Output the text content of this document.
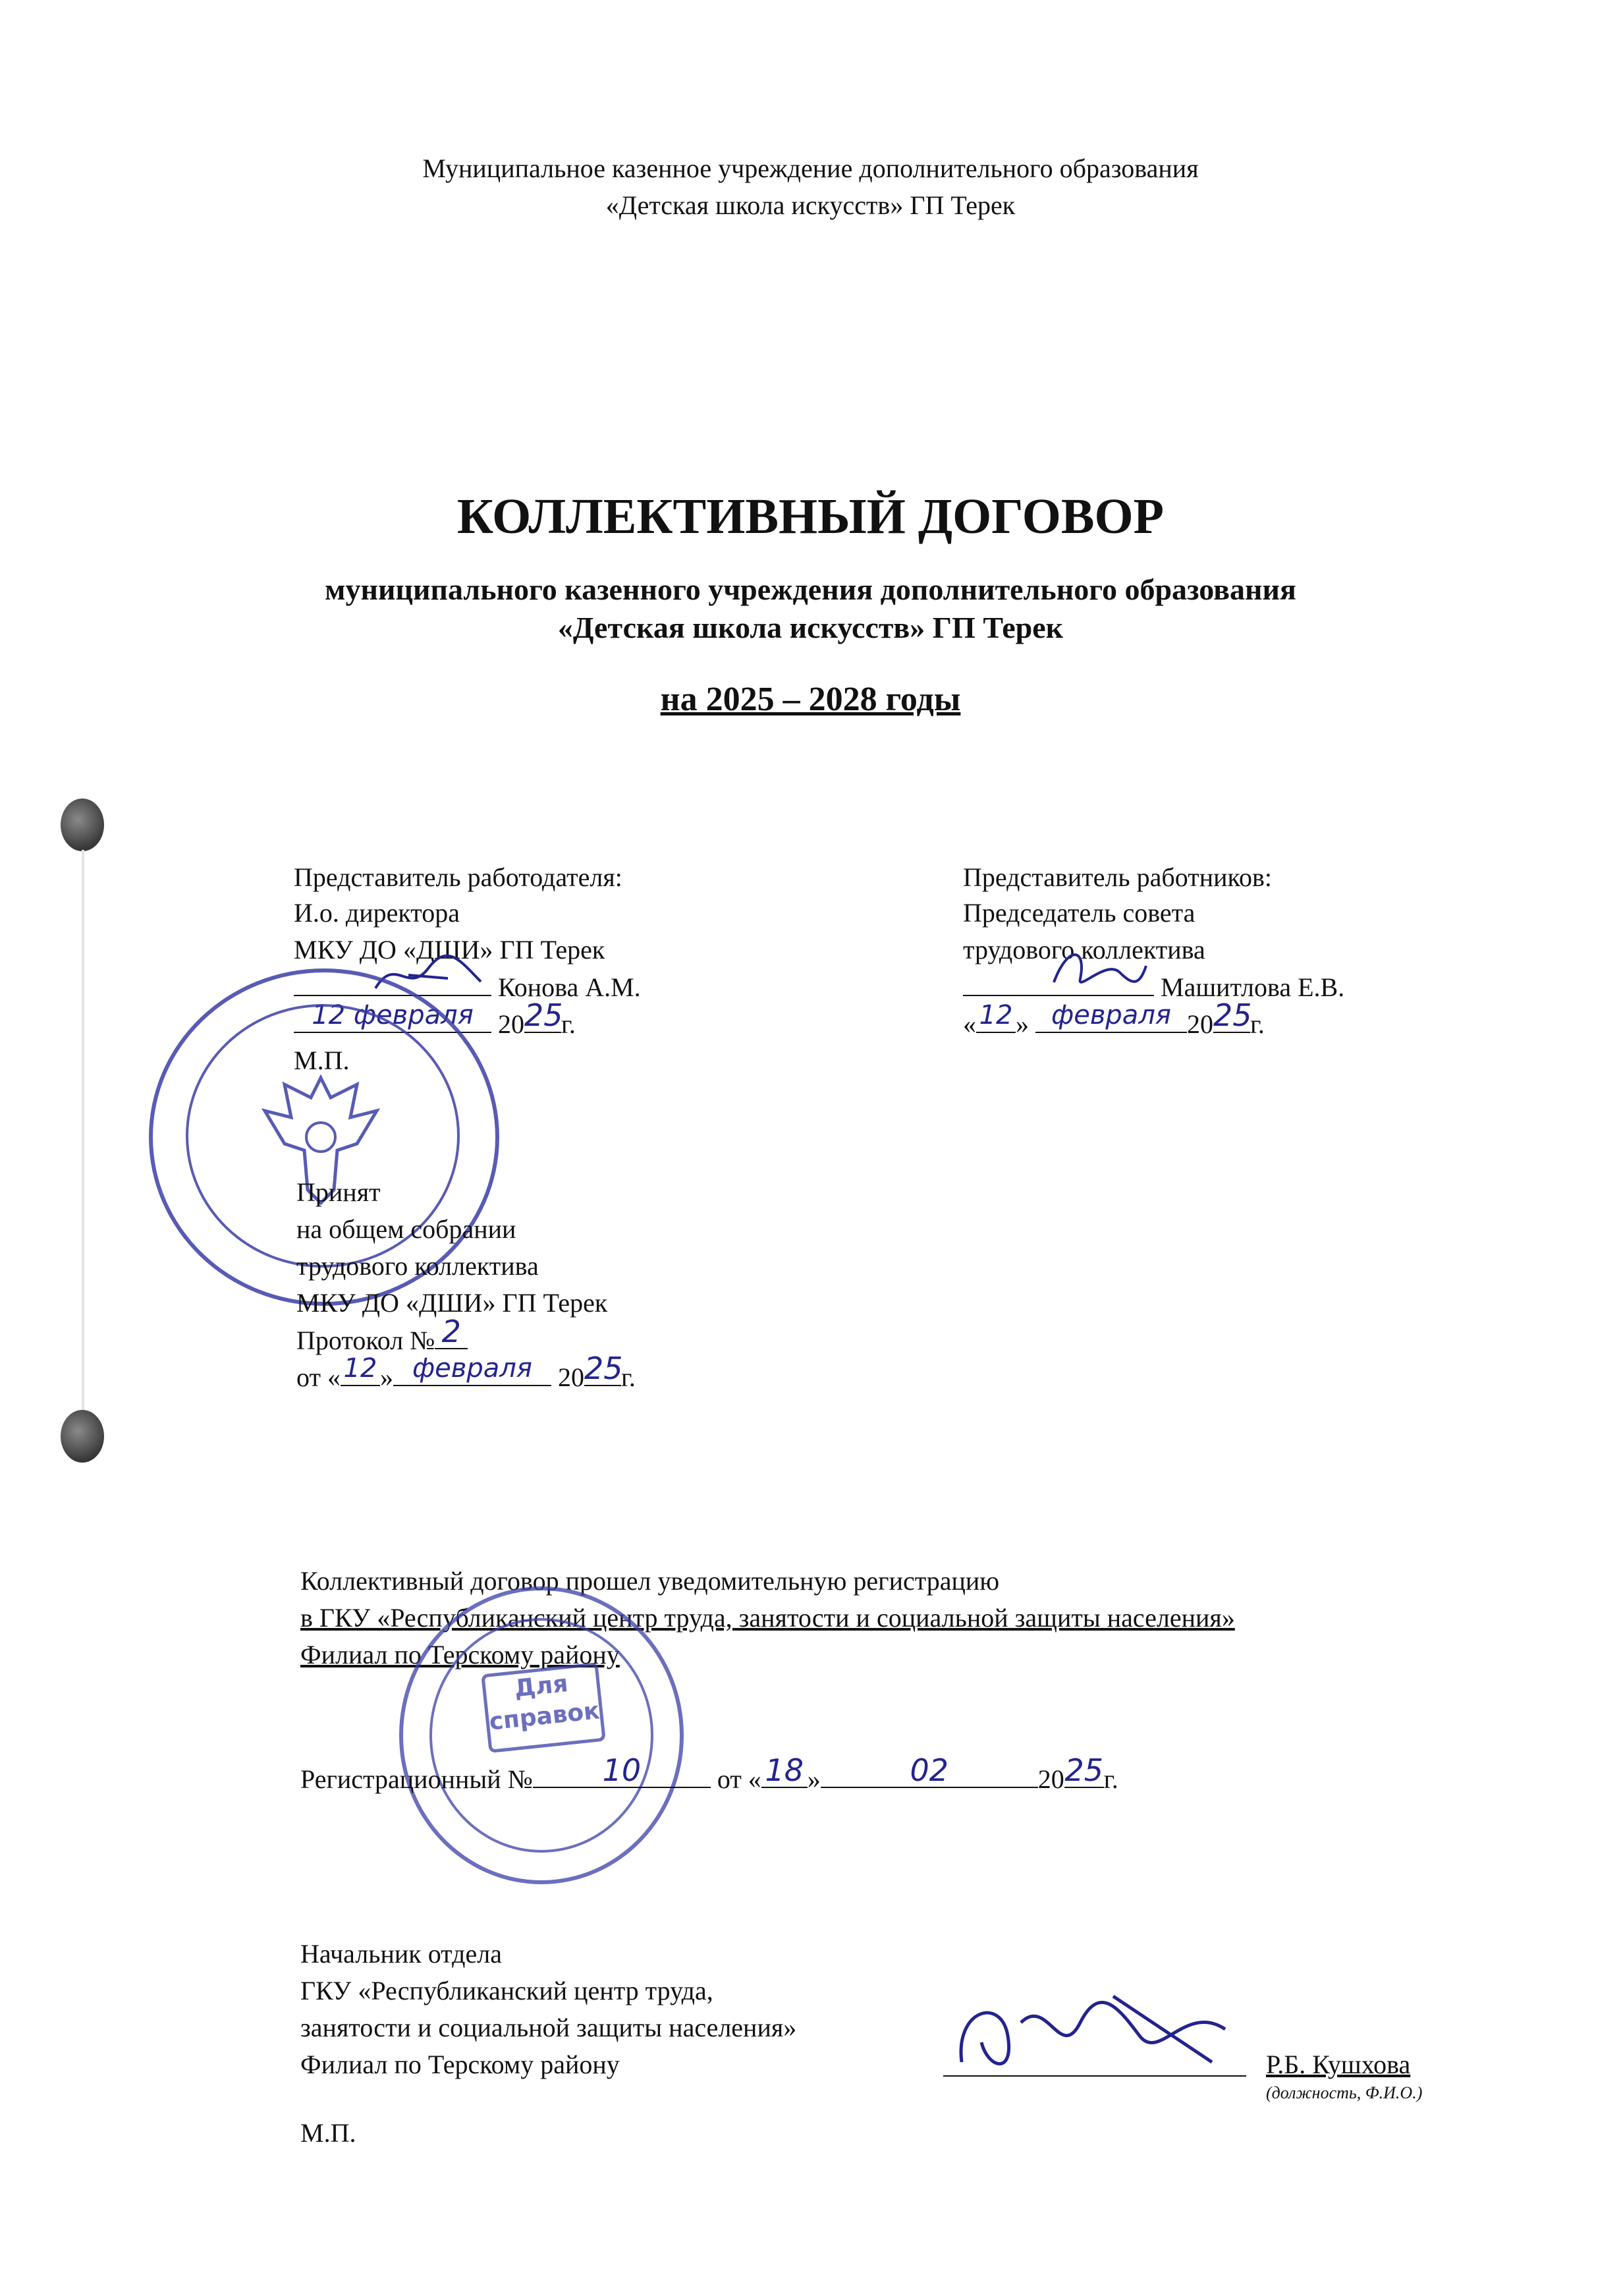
Муниципальное казенное учреждение дополнительного образования
«Детская школа искусств» ГП Терек
КОЛЛЕКТИВНЫЙ ДОГОВОР
муниципального казенного учреждения дополнительного образования
«Детская школа искусств» ГП Терек
на 2025 – 2028 годы
Представитель работодателя:
И.о. директора
МКУ ДО «ДШИ» ГП Терек
Конова А.М.
12 февраля 20 25
г.
М.П.
Представитель работников:
Председатель совета
трудового коллектива
Машитлова Е.В.
« 12 » февраля 20 25
г.
Принят
на общем собрании
трудового коллектива
МКУ ДО «ДШИ» ГП Терек
Протокол № 2
от « 12 » февраля 20 25
г.
Коллективный договор прошел уведомительную регистрацию
в ГКУ «Республиканский центр труда, занятости и социальной защиты населения»
Филиал по Терскому району
Для
справок
Регистрационный №	10	от « 18 »	02	20 25 г.
Начальник отдела
ГКУ «Республиканский центр труда,
занятости и социальной защиты населения»
Филиал по Терскому району	Р.Б. Кушхова
(должность, Ф.И.О.)
М.П.
